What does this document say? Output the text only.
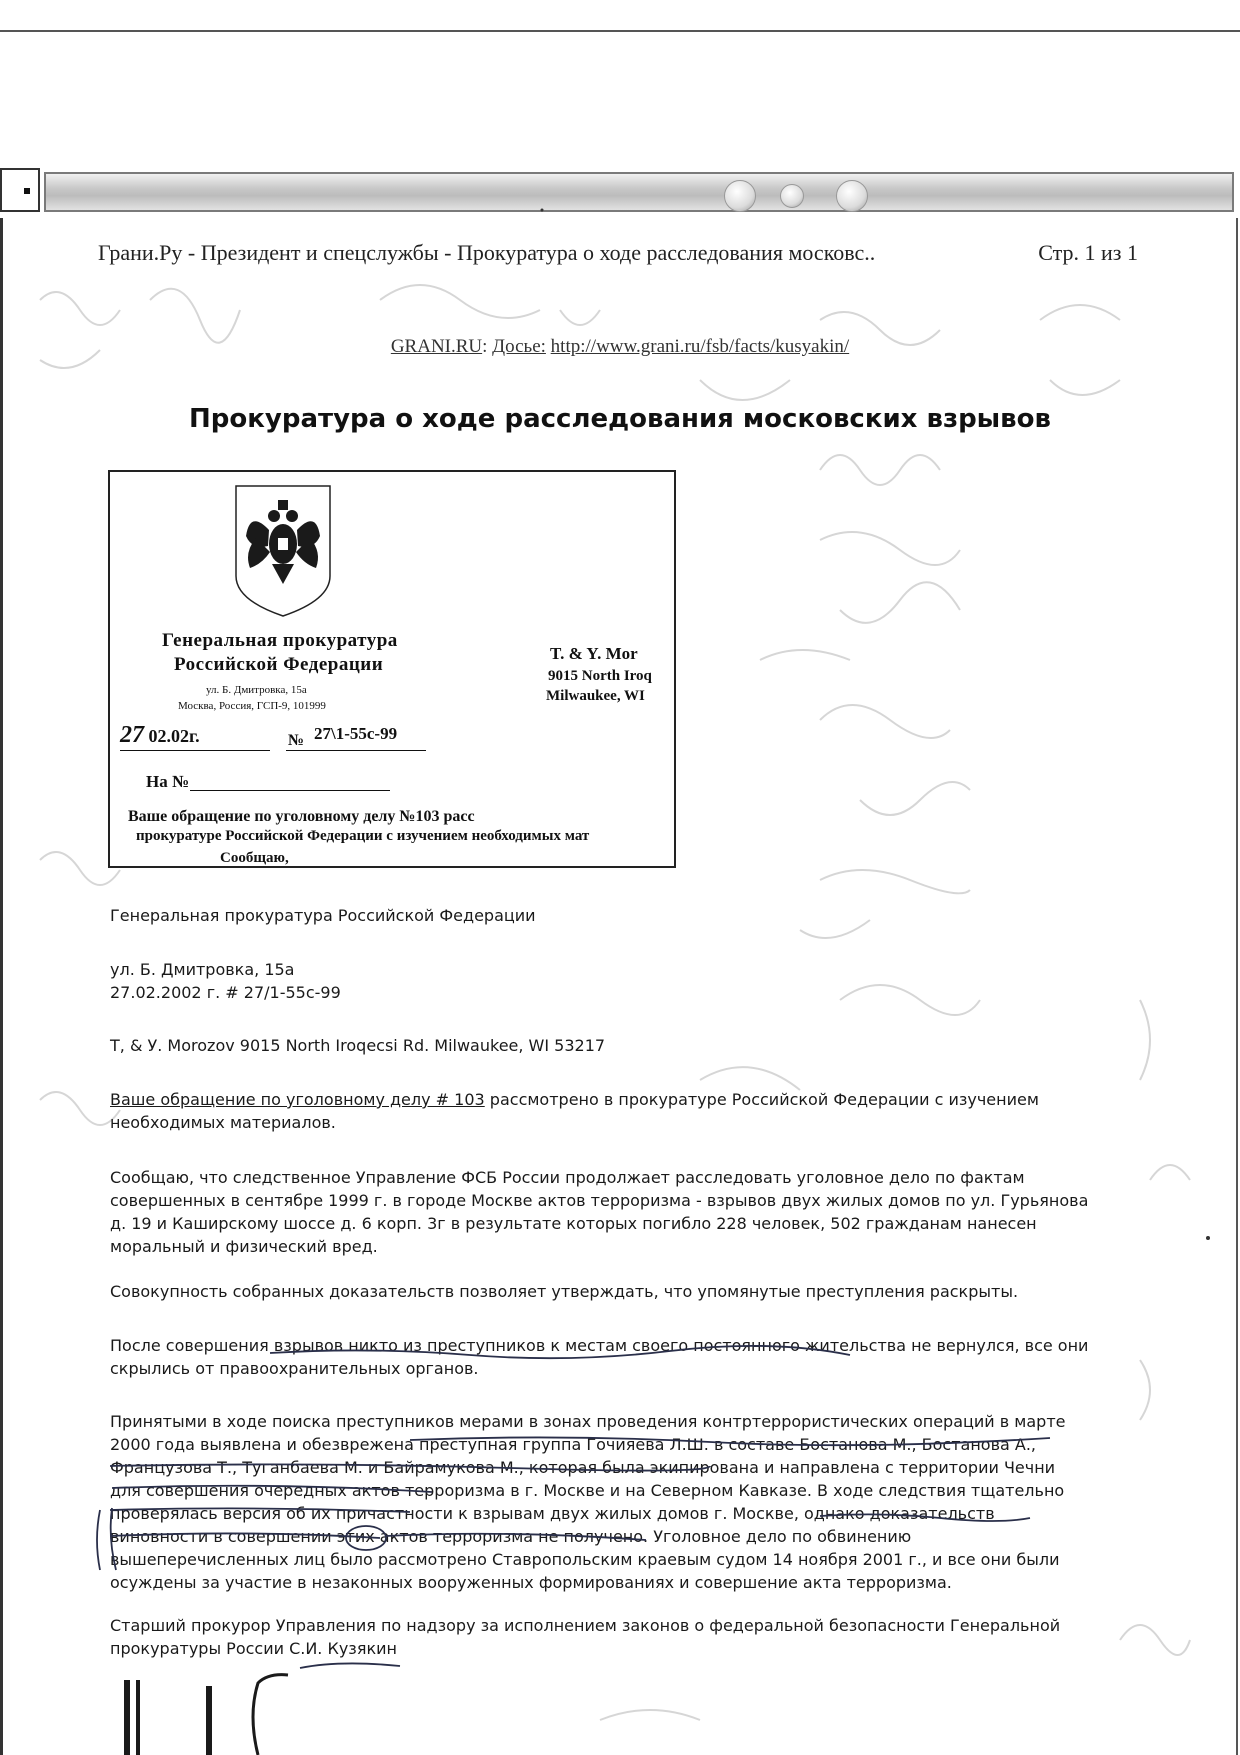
Грани.Ру - Президент и спецслужбы - Прокуратура о ходе расследования московс..	Стр. 1 из 1
GRANI.RU: Досье: http://www.grani.ru/fsb/facts/kusyakin/
Прокуратура о ходе расследования московских взрывов
Генеральная прокуратура
Российской Федерации
ул. Б. Дмитровка, 15а
Москва, Россия, ГСП-9, 101999
27 02.02г.	№ 27\1-55с-99
На №
Ваше обращение по уголовному делу №103 расс
прокуратуре Российской Федерации с изучением необходимых мат
Сообщаю,
T. & Y. Mor
9015 North Iroq
Milwaukee, WI
Генеральная прокуратура Российской Федерации
ул. Б. Дмитровка, 15а
27.02.2002 г. # 27/1-55c-99
T, & У. Morozov 9015 North Iroqecsi Rd. Milwaukee, WI 53217
Ваше обращение по уголовному делу # 103 рассмотрено в прокуратуре Российской Федерации с изучением необходимых материалов.
Сообщаю, что следственное Управление ФСБ России продолжает расследовать уголовное дело по фактам совершенных в сентябре 1999 г. в городе Москве актов терроризма - взрывов двух жилых домов по ул. Гурьянова д. 19 и Каширскому шоссе д. 6 корп. 3г в результате которых погибло 228 человек, 502 гражданам нанесен моральный и физический вред.
Совокупность собранных доказательств позволяет утверждать, что упомянутые преступления раскрыты.
После совершения взрывов никто из преступников к местам своего постоянного жительства не вернулся, все они скрылись от правоохранительных органов.
Принятыми в ходе поиска преступников мерами в зонах проведения контртеррористических операций в марте 2000 года выявлена и обезврежена преступная группа Гочияева Л.Ш. в составе Бостанова М., Бостанова А., Французова Т., Туганбаева М. и Байрамукова М., которая была экипирована и направлена с территории Чечни для совершения очередных актов терроризма в г. Москве и на Северном Кавказе. В ходе следствия тщательно проверялась версия об их причастности к взрывам двух жилых домов г. Москве, однако доказательств виновности в совершении этих актов терроризма не получено. Уголовное дело по обвинению вышеперечисленных лиц было рассмотрено Ставропольским краевым судом 14 ноября 2001 г., и все они были осуждены за участие в незаконных вооруженных формированиях и совершение акта терроризма.
Старший прокурор Управления по надзору за исполнением законов о федеральной безопасности Генеральной прокуратуры России С.И. Кузякин
